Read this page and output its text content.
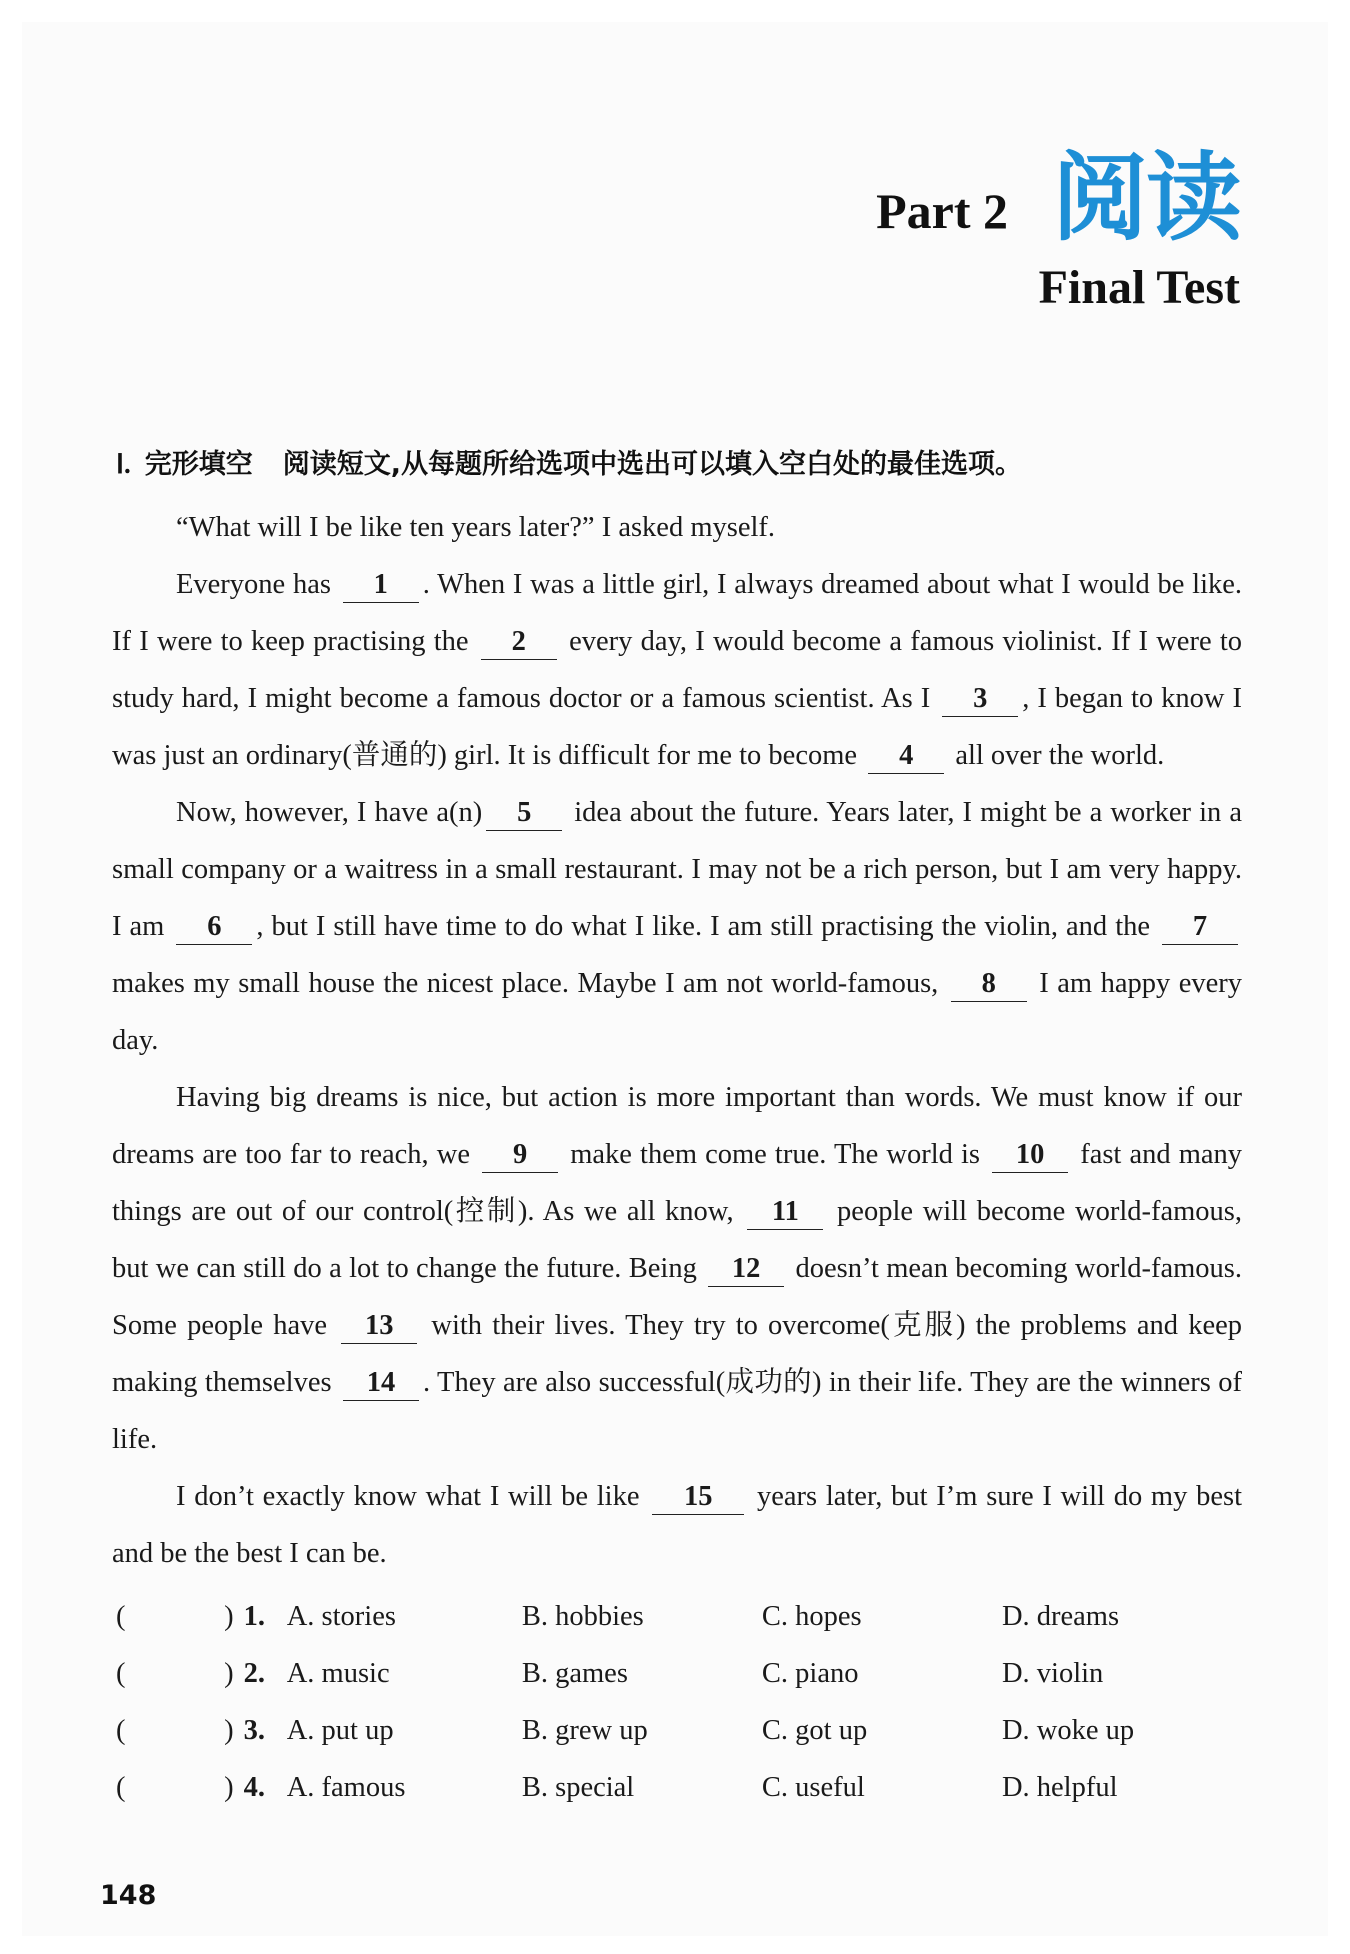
Part 2 阅读
Final Test
Ⅰ. 完形填空 阅读短文,从每题所给选项中选出可以填入空白处的最佳选项。

“What will I be like ten years later?” I asked myself.

Everyone has 1 . When I was a little girl, I always dreamed about what I would be like. If I were to keep practising the 2 every day, I would become a famous violinist. If I were to study hard, I might become a famous doctor or a famous scientist. As I 3 , I began to know I was just an ordinary(普通的) girl. It is difficult for me to become 4 all over the world.

Now, however, I have a(n) 5 idea about the future. Years later, I might be a worker in a small company or a waitress in a small restaurant. I may not be a rich person, but I am very happy. I am 6 , but I still have time to do what I like. I am still practising the violin, and the 7 makes my small house the nicest place. Maybe I am not world-famous, 8 I am happy every day.

Having big dreams is nice, but action is more important than words. We must know if our dreams are too far to reach, we 9 make them come true. The world is 10 fast and many things are out of our control(控制). As we all know, 11 people will become world-famous, but we can still do a lot to change the future. Being 12 doesn’t mean becoming world-famous. Some people have 13 with their lives. They try to overcome(克服) the problems and keep making themselves 14 . They are also successful(成功的) in their life. They are the winners of life.

I don’t exactly know what I will be like 15 years later, but I’m sure I will do my best and be the best I can be.

(	) 1. A. stories	B. hobbies	C. hopes	D. dreams
(	) 2. A. music	B. games	C. piano	D. violin
(	) 3. A. put up	B. grew up	C. got up	D. woke up
(	) 4. A. famous	B. special	C. useful	D. helpful
148
